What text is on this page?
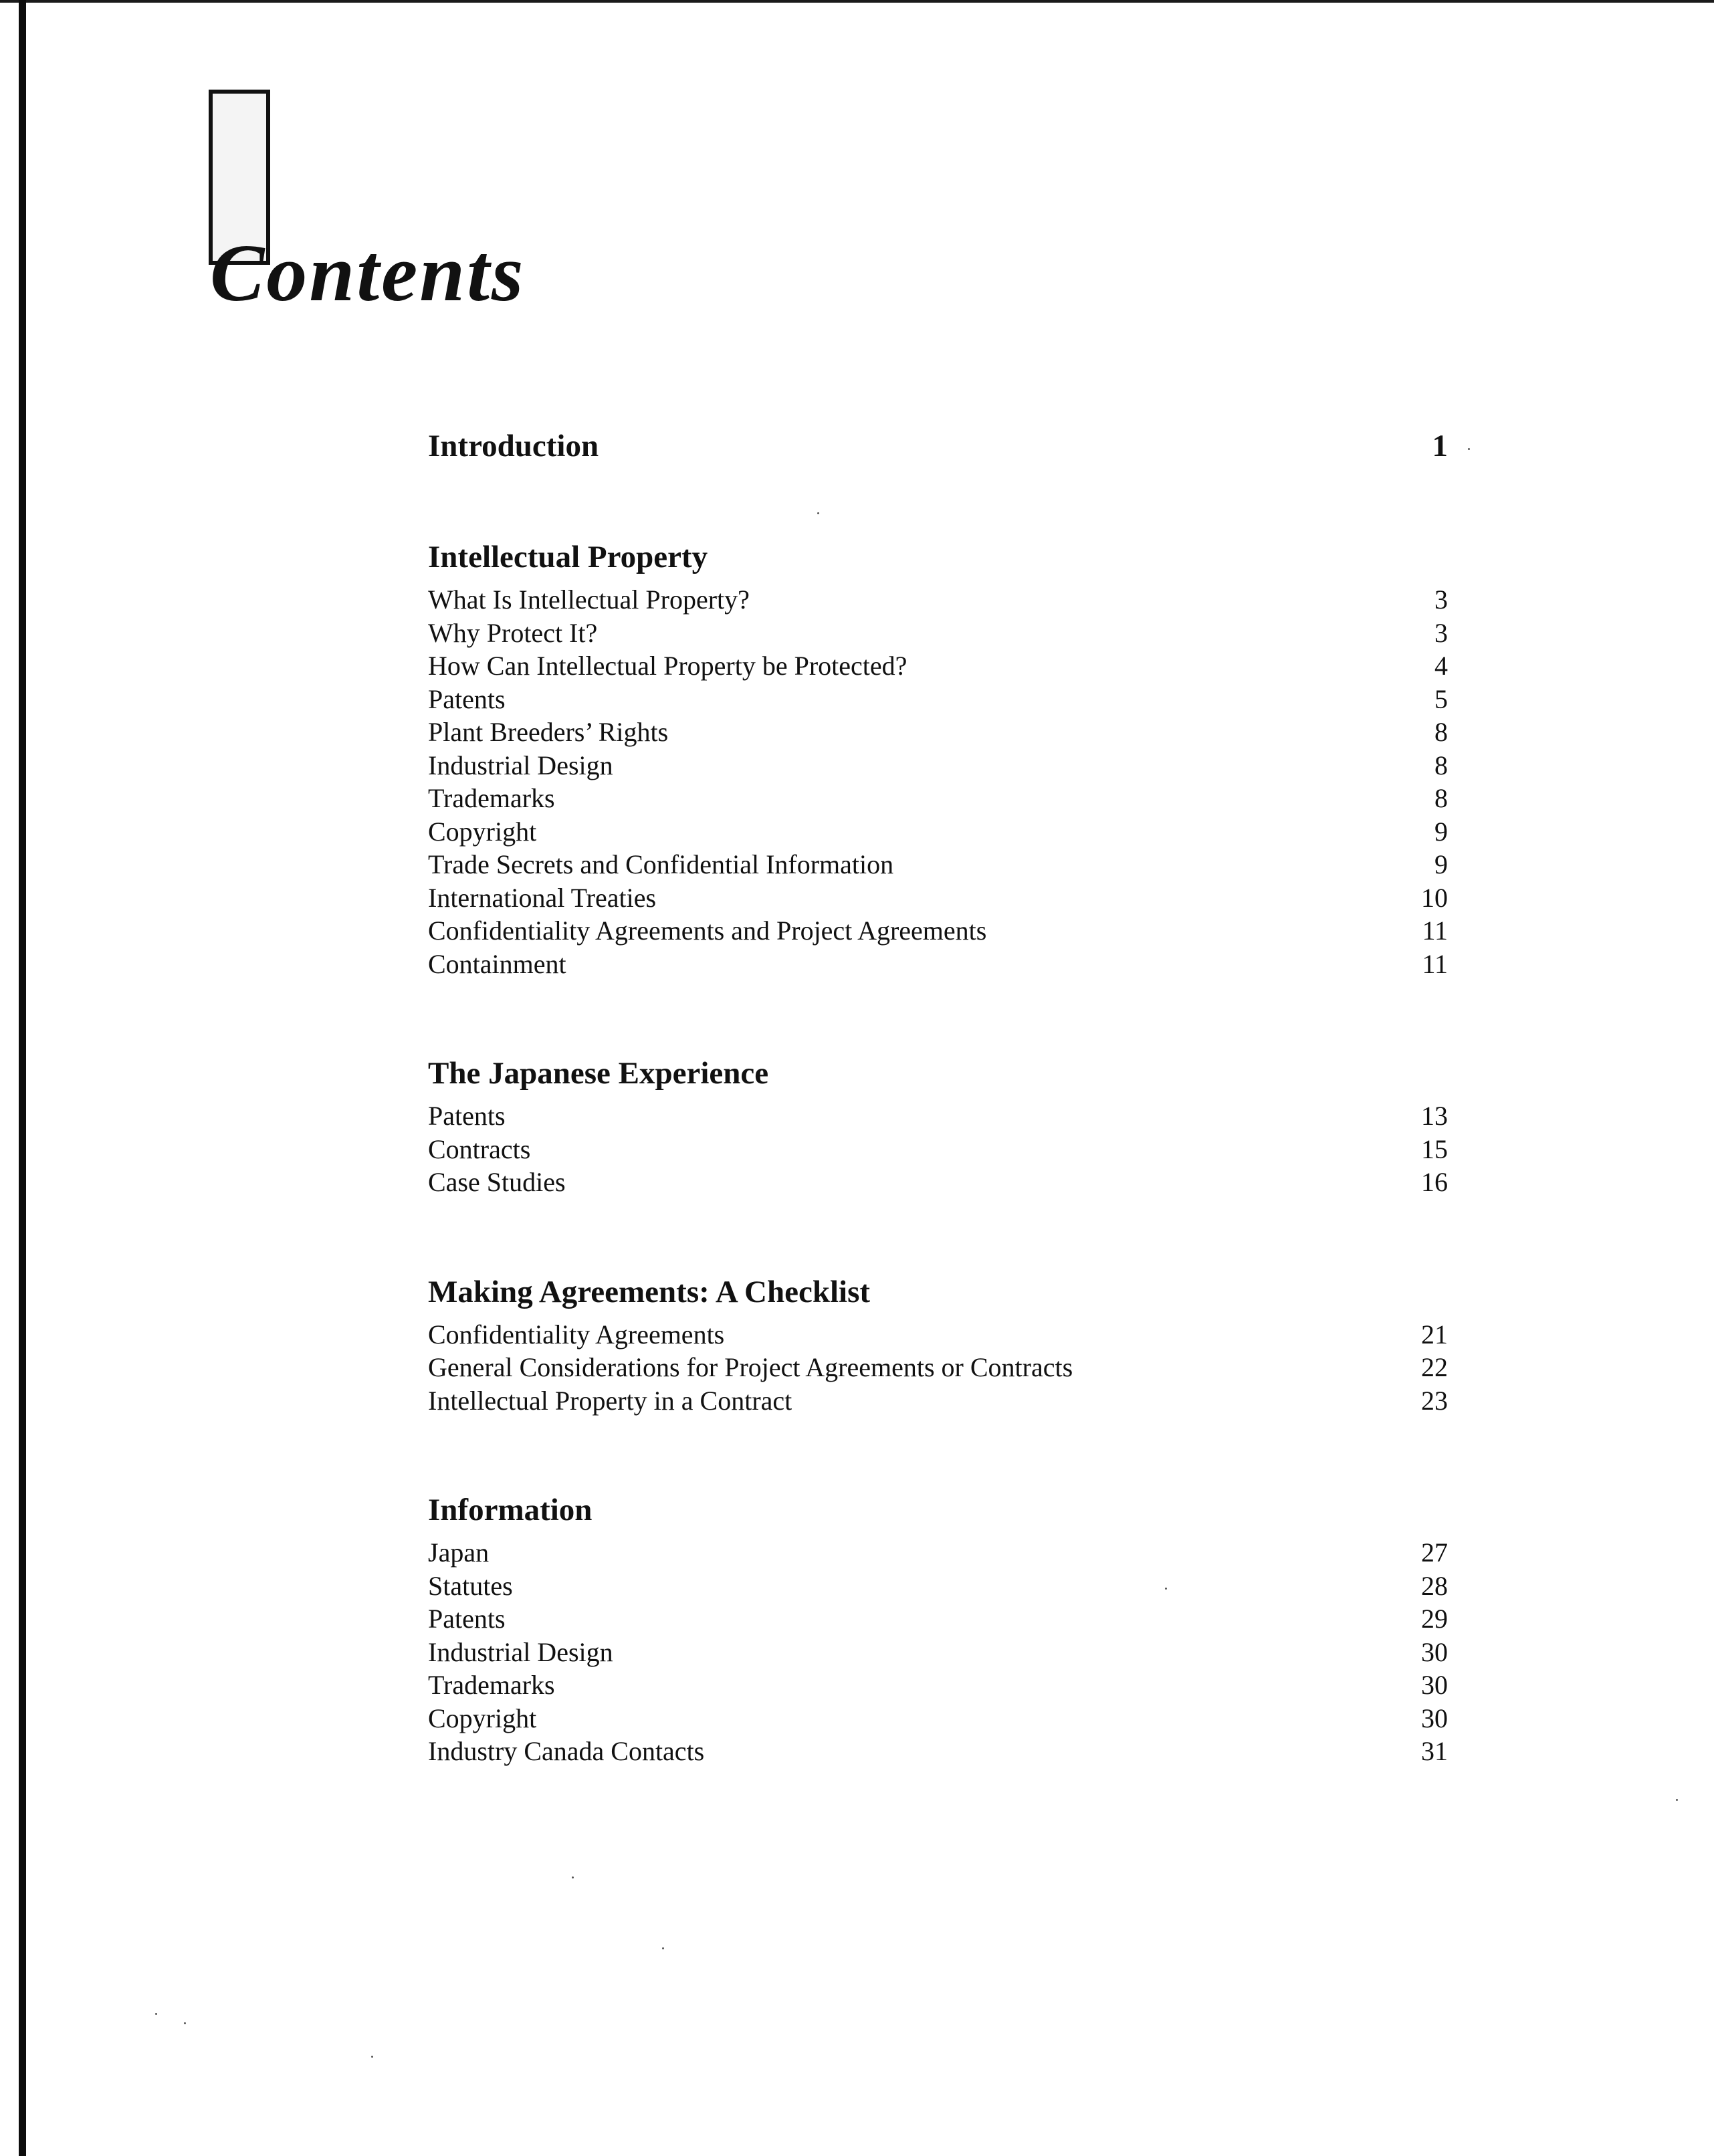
Contents
Introduction	1
Intellectual Property
What Is Intellectual Property?	3
Why Protect It?	3
How Can Intellectual Property be Protected?	4
Patents	5
Plant Breeders’ Rights	8
Industrial Design	8
Trademarks	8
Copyright	9
Trade Secrets and Confidential Information	9
International Treaties	10
Confidentiality Agreements and Project Agreements	11
Containment	11
The Japanese Experience
Patents	13
Contracts	15
Case Studies	16
Making Agreements: A Checklist
Confidentiality Agreements	21
General Considerations for Project Agreements or Contracts	22
Intellectual Property in a Contract	23
Information
Japan	27
Statutes	28
Patents	29
Industrial Design	30
Trademarks	30
Copyright	30
Industry Canada Contacts	31
